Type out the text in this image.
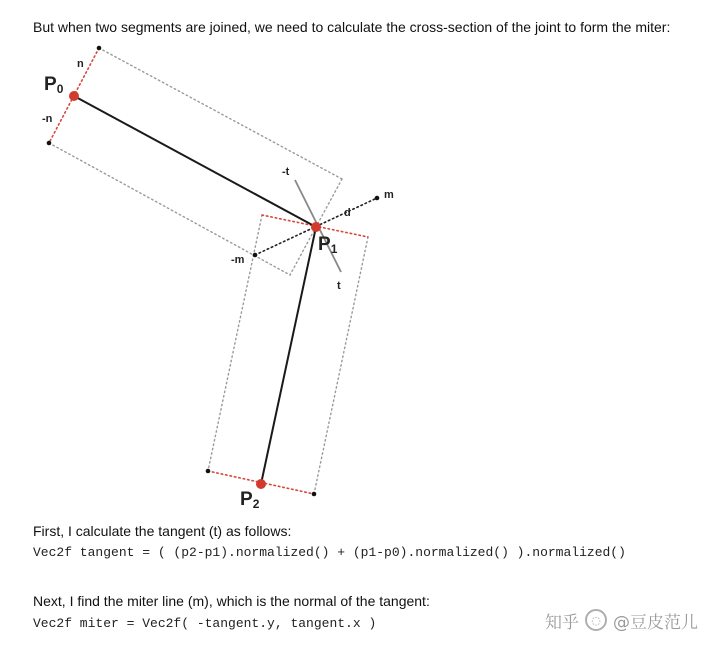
But when two segments are joined, we need to calculate the cross-section of the joint to form the miter:
P0
P1
P2
n
-n
-t
t
m
-m
d
First, I calculate the tangent (t) as follows:
Vec2f tangent = ( (p2-p1).normalized() + (p1-p0).normalized() ).normalized()
Next, I find the miter line (m), which is the normal of the tangent:
Vec2f miter = Vec2f( -tangent.y, tangent.x )	知乎	◌ @豆皮范儿
